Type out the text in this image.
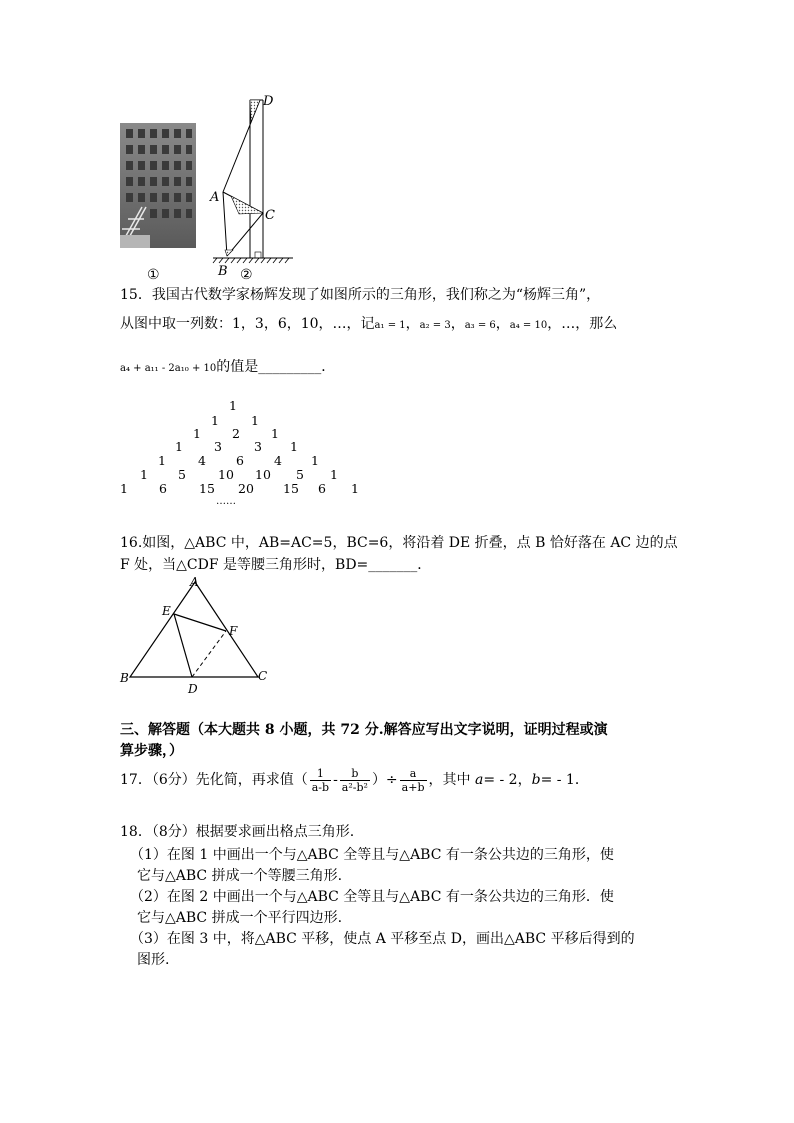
①
D
A
C
B ②
15．我国古代数学家杨辉发现了如图所示的三角形，我们称之为“杨辉三角”，
从图中取一列数：1，3，6，10，…，记a₁ = 1，a₂ = 3，a₃ = 6，a₄ = 10，…，那么
a₄ + a₁₁ - 2a₁₀ + 10的值是_________．
1
1	1
1 2 1
1 3	3 1
1	4 6 4 1
1 5	10 10 5 1
1 6	15 20 15 6 1
……
16.如图，△ABC 中，AB=AC=5，BC=6，将沿着 DE 折叠，点 B 恰好落在 AC 边的点
F 处，当△CDF 是等腰三角形时，BD=_______．
A
E
F
B
D
C
三、解答题（本大题共 8 小题，共 72 分.解答应写出文字说明，证明过程或演
算步骤，）
17．（6分）先化简，再求值（ $\frac{1}{a-b} - \frac{b}{\text{a²-b²}}$ ）÷ $\frac{a}{a+b}$ ，其中 a= - 2，b= - 1．
18．（8分）根据要求画出格点三角形.
（1）在图 1 中画出一个与△ABC 全等且与△ABC 有一条公共边的三角形，使
它与△ABC 拼成一个等腰三角形.
（2）在图 2 中画出一个与△ABC 全等且与△ABC 有一条公共边的三角形．使
它与△ABC 拼成一个平行四边形.
（3）在图 3 中，将△ABC 平移，使点 A 平移至点 D，画出△ABC 平移后得到的
图形.
